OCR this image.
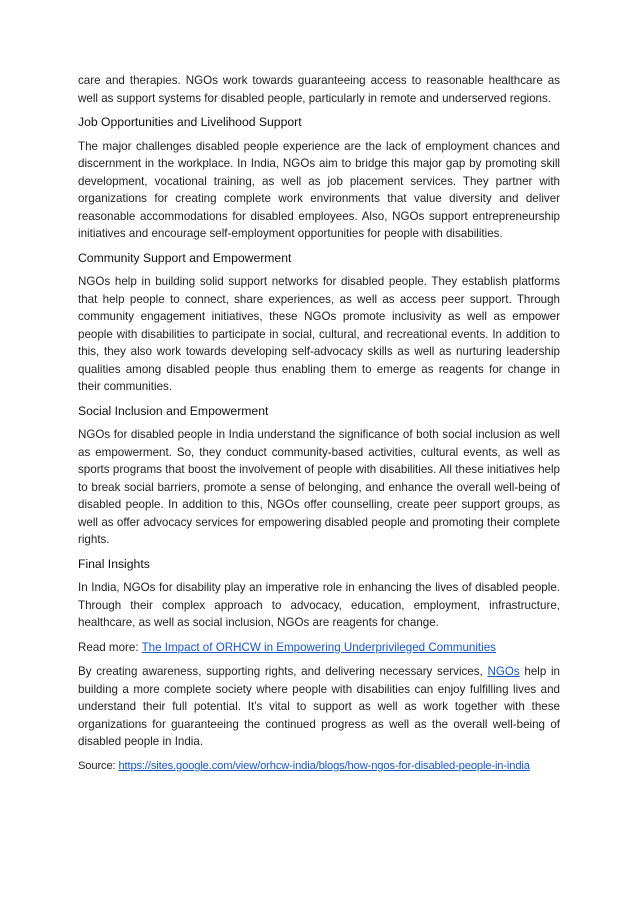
care and therapies. NGOs work towards guaranteeing access to reasonable healthcare as well as support systems for disabled people, particularly in remote and underserved regions.

Job Opportunities and Livelihood Support

The major challenges disabled people experience are the lack of employment chances and discernment in the workplace. In India, NGOs aim to bridge this major gap by promoting skill development, vocational training, as well as job placement services. They partner with organizations for creating complete work environments that value diversity and deliver reasonable accommodations for disabled employees. Also, NGOs support entrepreneurship initiatives and encourage self-employment opportunities for people with disabilities.

Community Support and Empowerment

NGOs help in building solid support networks for disabled people. They establish platforms that help people to connect, share experiences, as well as access peer support. Through community engagement initiatives, these NGOs promote inclusivity as well as empower people with disabilities to participate in social, cultural, and recreational events. In addition to this, they also work towards developing self-advocacy skills as well as nurturing leadership qualities among disabled people thus enabling them to emerge as reagents for change in their communities.

Social Inclusion and Empowerment

NGOs for disabled people in India understand the significance of both social inclusion as well as empowerment. So, they conduct community-based activities, cultural events, as well as sports programs that boost the involvement of people with disabilities. All these initiatives help to break social barriers, promote a sense of belonging, and enhance the overall well-being of disabled people. In addition to this, NGOs offer counselling, create peer support groups, as well as offer advocacy services for empowering disabled people and promoting their complete rights.

Final Insights

In India, NGOs for disability play an imperative role in enhancing the lives of disabled people. Through their complex approach to advocacy, education, employment, infrastructure, healthcare, as well as social inclusion, NGOs are reagents for change.

Read more: The Impact of ORHCW in Empowering Underprivileged Communities

By creating awareness, supporting rights, and delivering necessary services, NGOs help in building a more complete society where people with disabilities can enjoy fulfilling lives and understand their full potential. It’s vital to support as well as work together with these organizations for guaranteeing the continued progress as well as the overall well-being of disabled people in India.

Source: https://sites.google.com/view/orhcw-india/blogs/how-ngos-for-disabled-people-in-india
